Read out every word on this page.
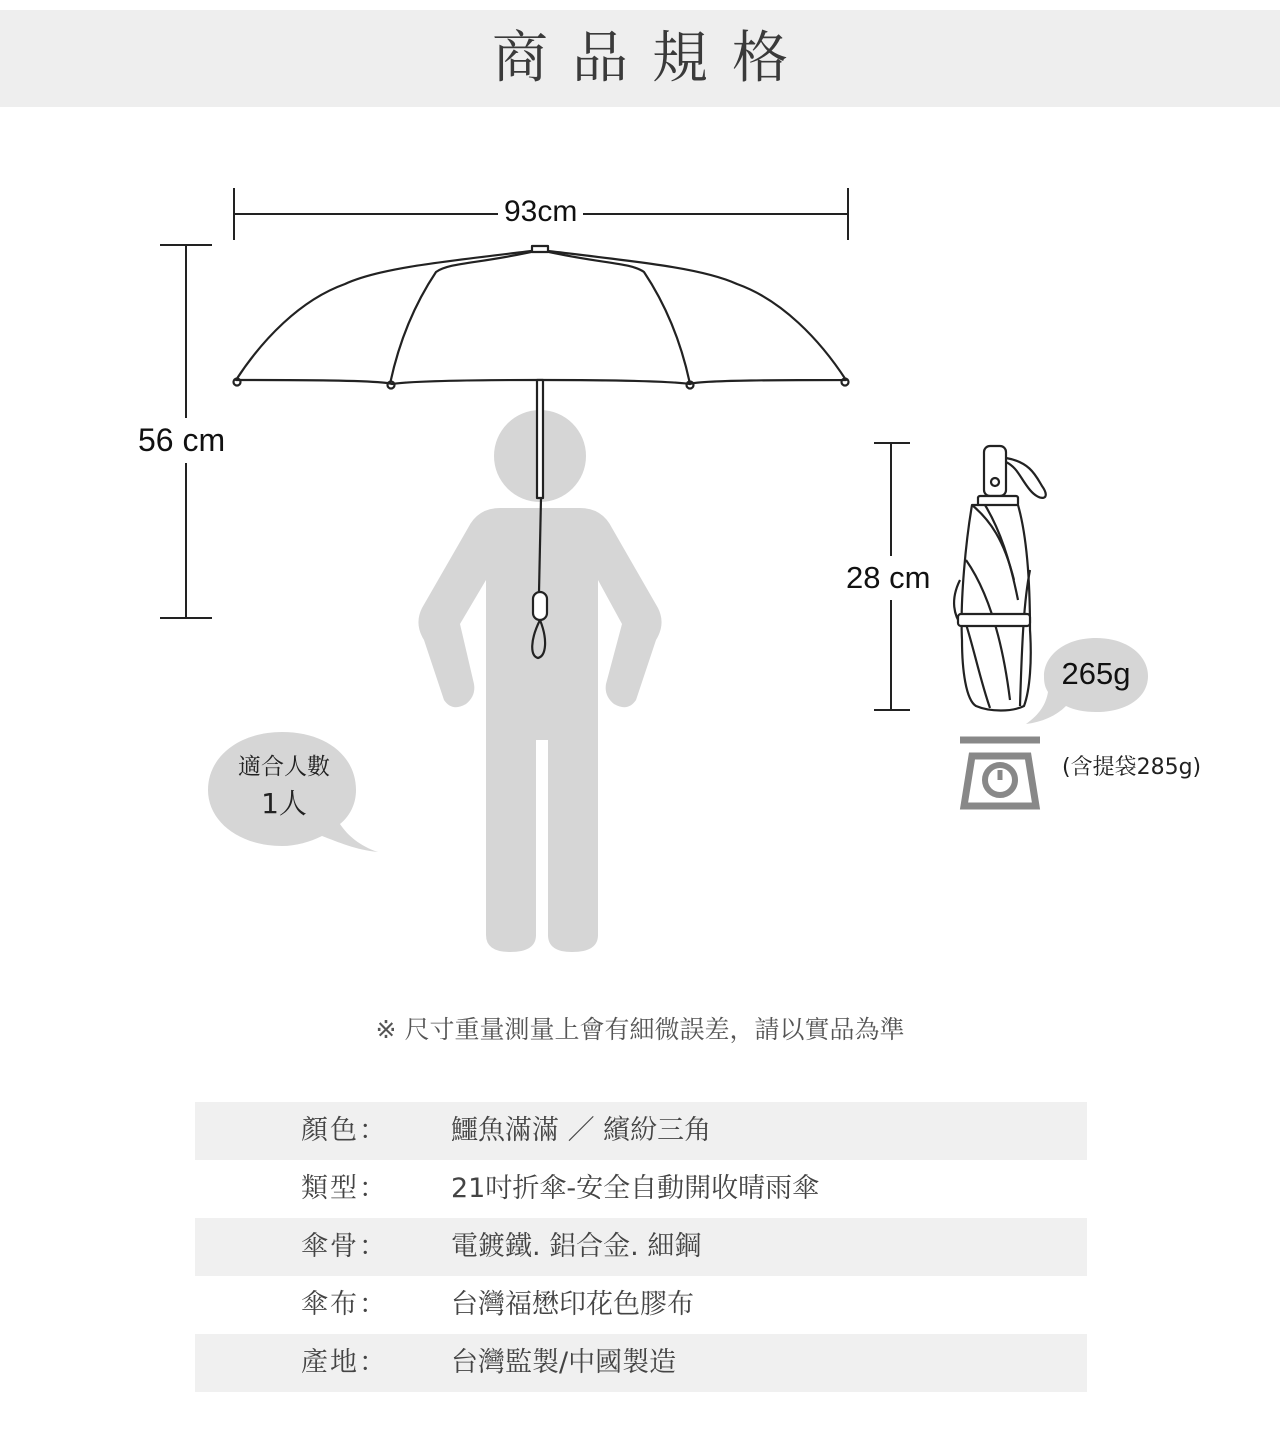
商品規格
93cm
56 cm
28 cm
適合人數
1人
265g
(含提袋285g)
※ 尺寸重量測量上會有細微誤差，請以實品為準
顏色： 鱷魚滿滿 ／ 繽紛三角
類型： 21吋折傘-安全自動開收晴雨傘
傘骨： 電鍍鐵. 鋁合金. 細鋼
傘布： 台灣福懋印花色膠布
產地： 台灣監製/中國製造
